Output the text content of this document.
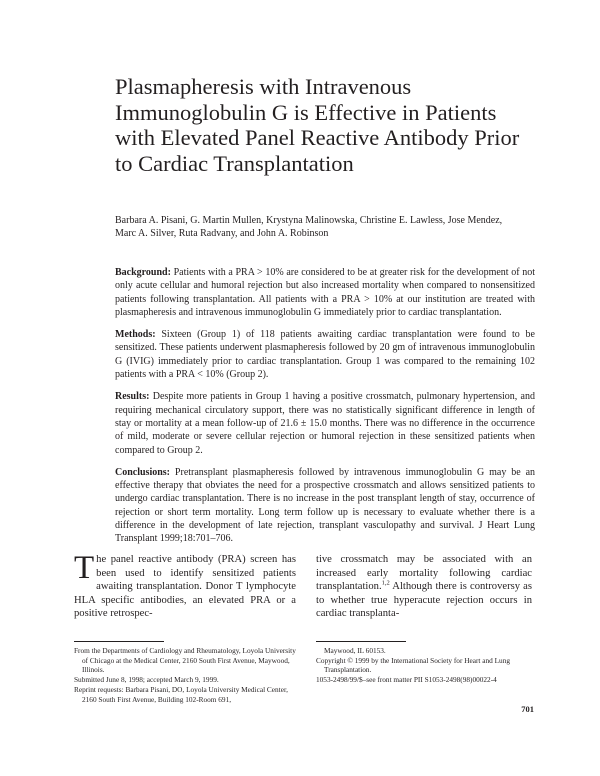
Plasmapheresis with Intravenous Immunoglobulin G is Effective in Patients with Elevated Panel Reactive Antibody Prior to Cardiac Transplantation

Barbara A. Pisani, G. Martin Mullen, Krystyna Malinowska, Christine E. Lawless, Jose Mendez, Marc A. Silver, Ruta Radvany, and John A. Robinson

Background: Patients with a PRA > 10% are considered to be at greater risk for the development of not only acute cellular and humoral rejection but also increased mortality when compared to nonsensitized patients following transplantation. All patients with a PRA > 10% at our institution are treated with plasmapheresis and intravenous immunoglobulin G immediately prior to cardiac transplantation.

Methods: Sixteen (Group 1) of 118 patients awaiting cardiac transplantation were found to be sensitized. These patients underwent plasmapheresis followed by 20 gm of intravenous immunoglobulin G (IVIG) immediately prior to cardiac transplantation. Group 1 was compared to the remaining 102 patients with a PRA < 10% (Group 2).

Results: Despite more patients in Group 1 having a positive crossmatch, pulmonary hypertension, and requiring mechanical circulatory support, there was no statistically significant difference in length of stay or mortality at a mean follow-up of 21.6 ± 15.0 months. There was no difference in the occurrence of mild, moderate or severe cellular rejection or humoral rejection in these sensitized patients when compared to Group 2.

Conclusions: Pretransplant plasmapheresis followed by intravenous immunoglobulin G may be an effective therapy that obviates the need for a prospective crossmatch and allows sensitized patients to undergo cardiac transplantation. There is no increase in the post transplant length of stay, occurrence of rejection or short term mortality. Long term follow up is necessary to evaluate whether there is a difference in the development of late rejection, transplant vasculopathy and survival. J Heart Lung Transplant 1999;18:701–706.

The panel reactive antibody (PRA) screen has been used to identify sensitized patients awaiting transplantation. Donor T lymphocyte HLA specific antibodies, an elevated PRA or a positive retrospec-

tive crossmatch may be associated with an increased early mortality following cardiac transplantation.$^{1,2}$ Although there is controversy as to whether true hyperacute rejection occurs in cardiac transplanta-

From the Departments of Cardiology and Rheumatology, Loyola University of Chicago at the Medical Center, 2160 South First Avenue, Maywood, Illinois.

Submitted June 8, 1998; accepted March 9, 1999.

Reprint requests: Barbara Pisani, DO, Loyola University Medical Center, 2160 South First Avenue, Building 102-Room 691,

Maywood, IL 60153.

Copyright © 1999 by the International Society for Heart and Lung Transplantation.

1053-2498/99/$–see front matter PII S1053-2498(98)00022-4

701
